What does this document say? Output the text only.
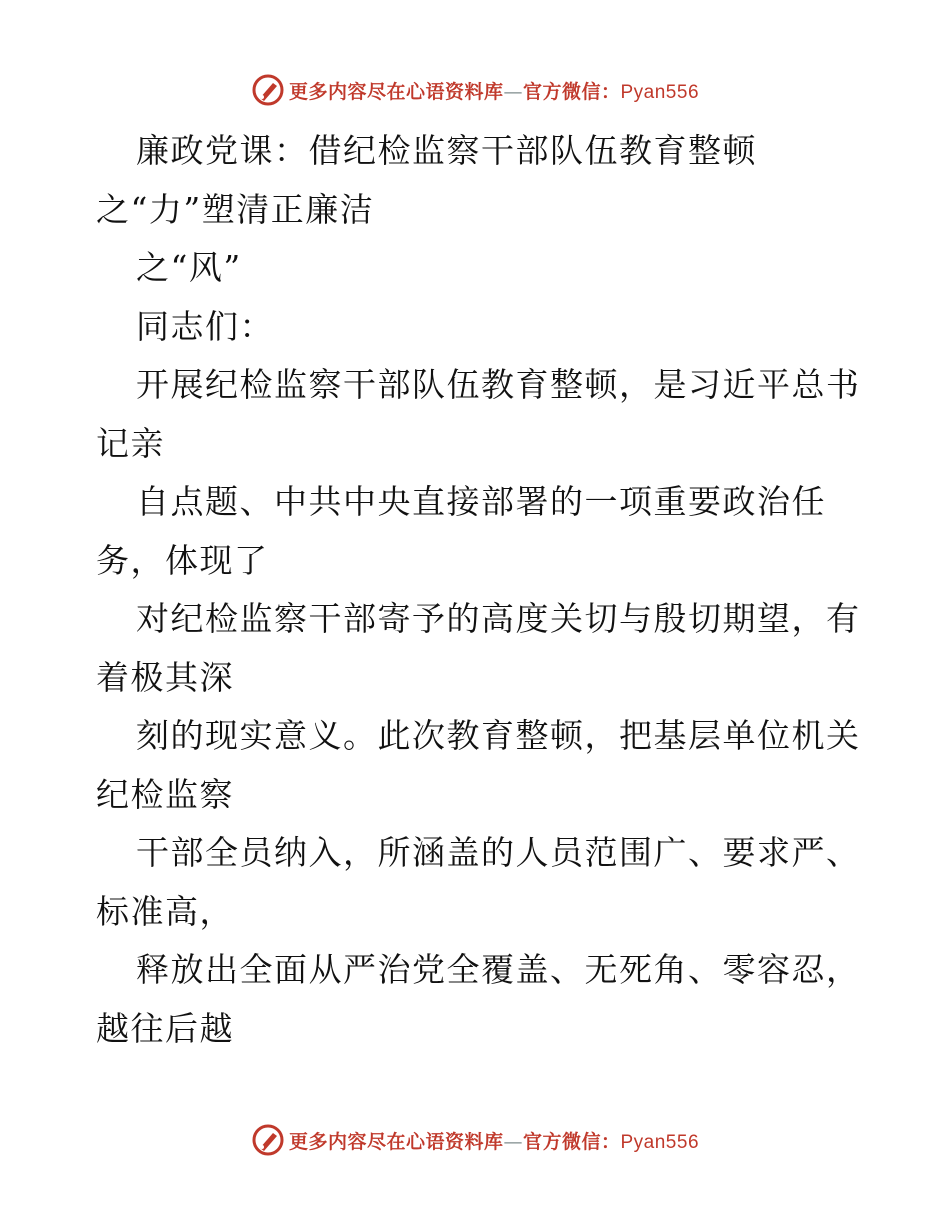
更多内容尽在心语资料库—官方微信：Pyan556
廉政党课：借纪检监察干部队伍教育整顿
之“力”塑清正廉洁
之“风”
同志们：
开展纪检监察干部队伍教育整顿，是习近平总书
记亲
自点题、中共中央直接部署的一项重要政治任
务，体现了
对纪检监察干部寄予的高度关切与殷切期望，有
着极其深
刻的现实意义。此次教育整顿，把基层单位机关
纪检监察
干部全员纳入，所涵盖的人员范围广、要求严、
标准高，
释放出全面从严治党全覆盖、无死角、零容忍，
越往后越
更多内容尽在心语资料库—官方微信：Pyan556
